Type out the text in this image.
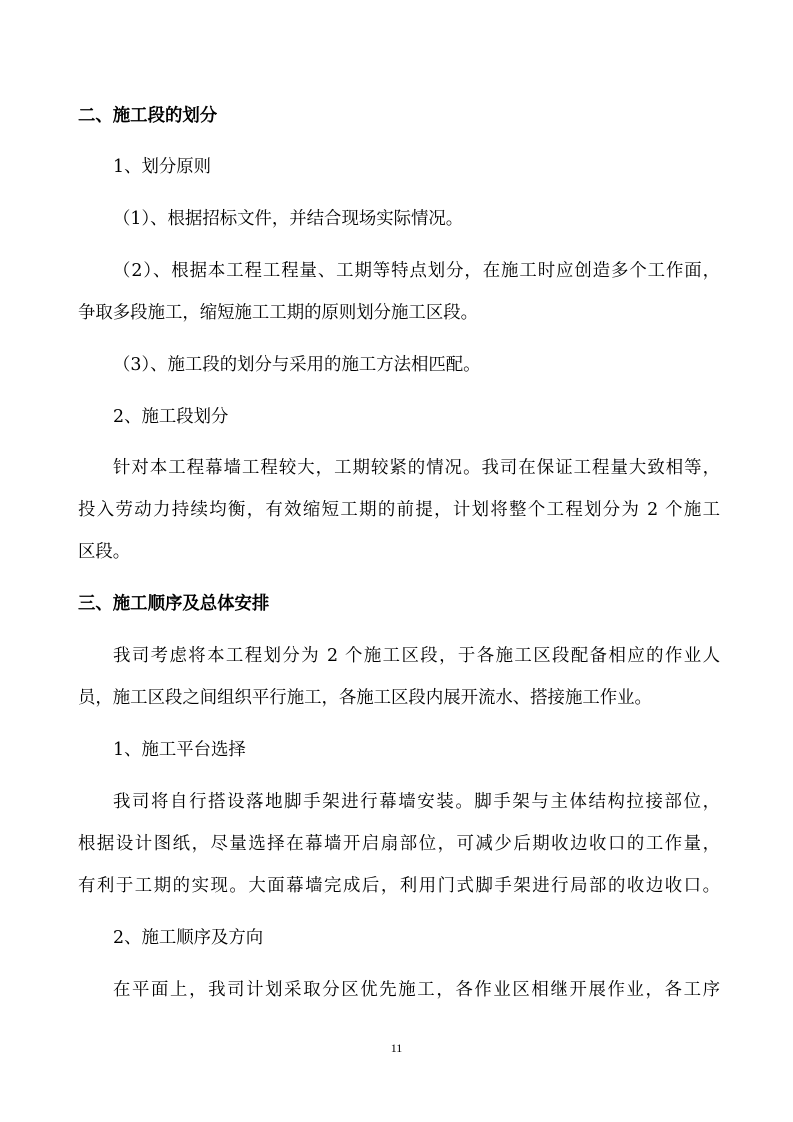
二、施工段的划分
1、划分原则
（1）、根据招标文件，并结合现场实际情况。
（2）、根据本工程工程量、工期等特点划分，在施工时应创造多个工作面，
争取多段施工，缩短施工工期的原则划分施工区段。
（3）、施工段的划分与采用的施工方法相匹配。
2、施工段划分
针对本工程幕墙工程较大，工期较紧的情况。我司在保证工程量大致相等，
投入劳动力持续均衡，有效缩短工期的前提，计划将整个工程划分为 2 个施工
区段。
三、施工顺序及总体安排
我司考虑将本工程划分为 2 个施工区段，于各施工区段配备相应的作业人
员，施工区段之间组织平行施工，各施工区段内展开流水、搭接施工作业。
1、施工平台选择
我司将自行搭设落地脚手架进行幕墙安装。脚手架与主体结构拉接部位，
根据设计图纸，尽量选择在幕墙开启扇部位，可减少后期收边收口的工作量，
有利于工期的实现。大面幕墙完成后，利用门式脚手架进行局部的收边收口。
2、施工顺序及方向
在平面上，我司计划采取分区优先施工，各作业区相继开展作业，各工序
11
